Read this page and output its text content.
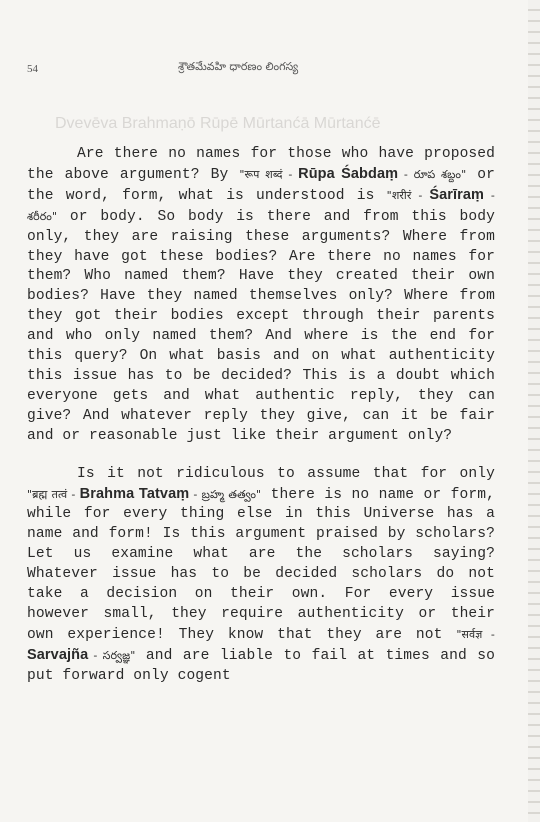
Dvevēva Brahmaṇō Rūpē Mūrtanćā Mūrtanćē
54	శ్రౌతమేవహి ధారణం లింగస్య

Are there no names for those who have proposed the above argument? By "रूप शब्दं - Rūpa Śabdaṃ - రూప శబ్దం" or the word, form, what is understood is "शरीरं - Śarīraṃ - శరీరం" or body. So body is there and from this body only, they are raising these arguments? Where from they have got these bodies? Are there no names for them? Who named them? Have they created their own bodies? Have they named themselves only? Where from they got their bodies except through their parents and who only named them? And where is the end for this query? On what basis and on what authenticity this issue has to be decided? This is a doubt which everyone gets and what authentic reply, they can give? And whatever reply they give, can it be fair and or reasonable just like their argument only?

Is it not ridiculous to assume that for only "ब्रह्म तत्वं - Brahma Tatvaṃ - బ్రహ్మ తత్వం" there is no name or form, while for every thing else in this Universe has a name and form! Is this argument praised by scholars? Let us examine what are the scholars saying? Whatever issue has to be decided scholars do not take a decision on their own. For every issue however small, they require authenticity or their own experience! They know that they are not "सर्वज्ञ - Sarvajña - సర్వజ్ఞ" and are liable to fail at times and so put forward only cogent
